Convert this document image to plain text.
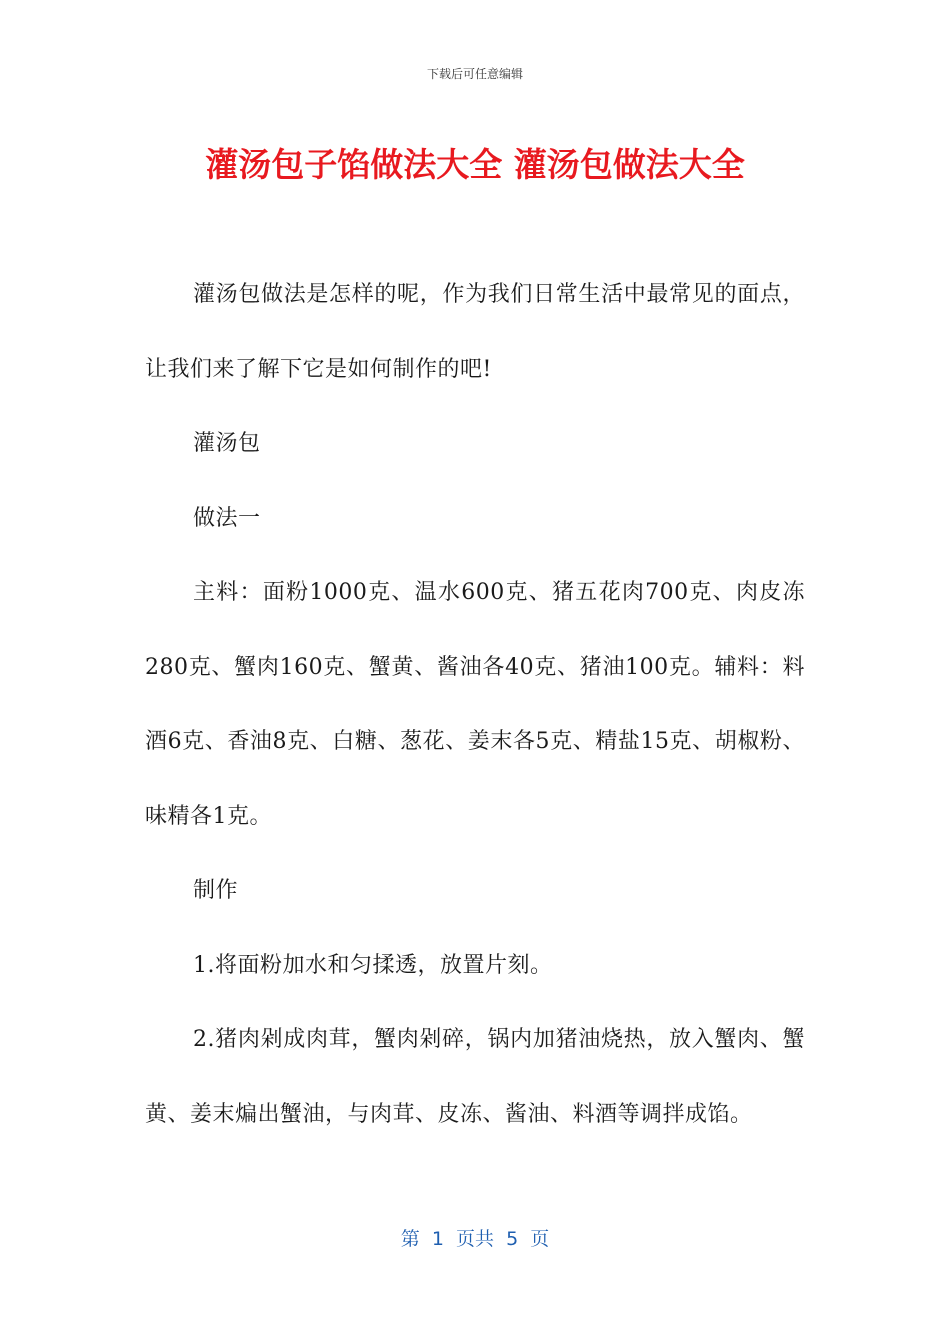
下载后可任意编辑
灌汤包子馅做法大全 灌汤包做法大全

灌汤包做法是怎样的呢，作为我们日常生活中最常见的面点，让我们来了解下它是如何制作的吧!

灌汤包

做法一

主料：面粉1000克、温水600克、猪五花肉700克、肉皮冻280克、蟹肉160克、蟹黄、酱油各40克、猪油100克。辅料：料酒6克、香油8克、白糖、葱花、姜末各5克、精盐15克、胡椒粉、味精各1克。

制作

1.将面粉加水和匀揉透，放置片刻。

2.猪肉剁成肉茸，蟹肉剁碎，锅内加猪油烧热，放入蟹肉、蟹黄、姜末煸出蟹油，与肉茸、皮冻、酱油、料酒等调拌成馅。

第  1  页共  5  页
